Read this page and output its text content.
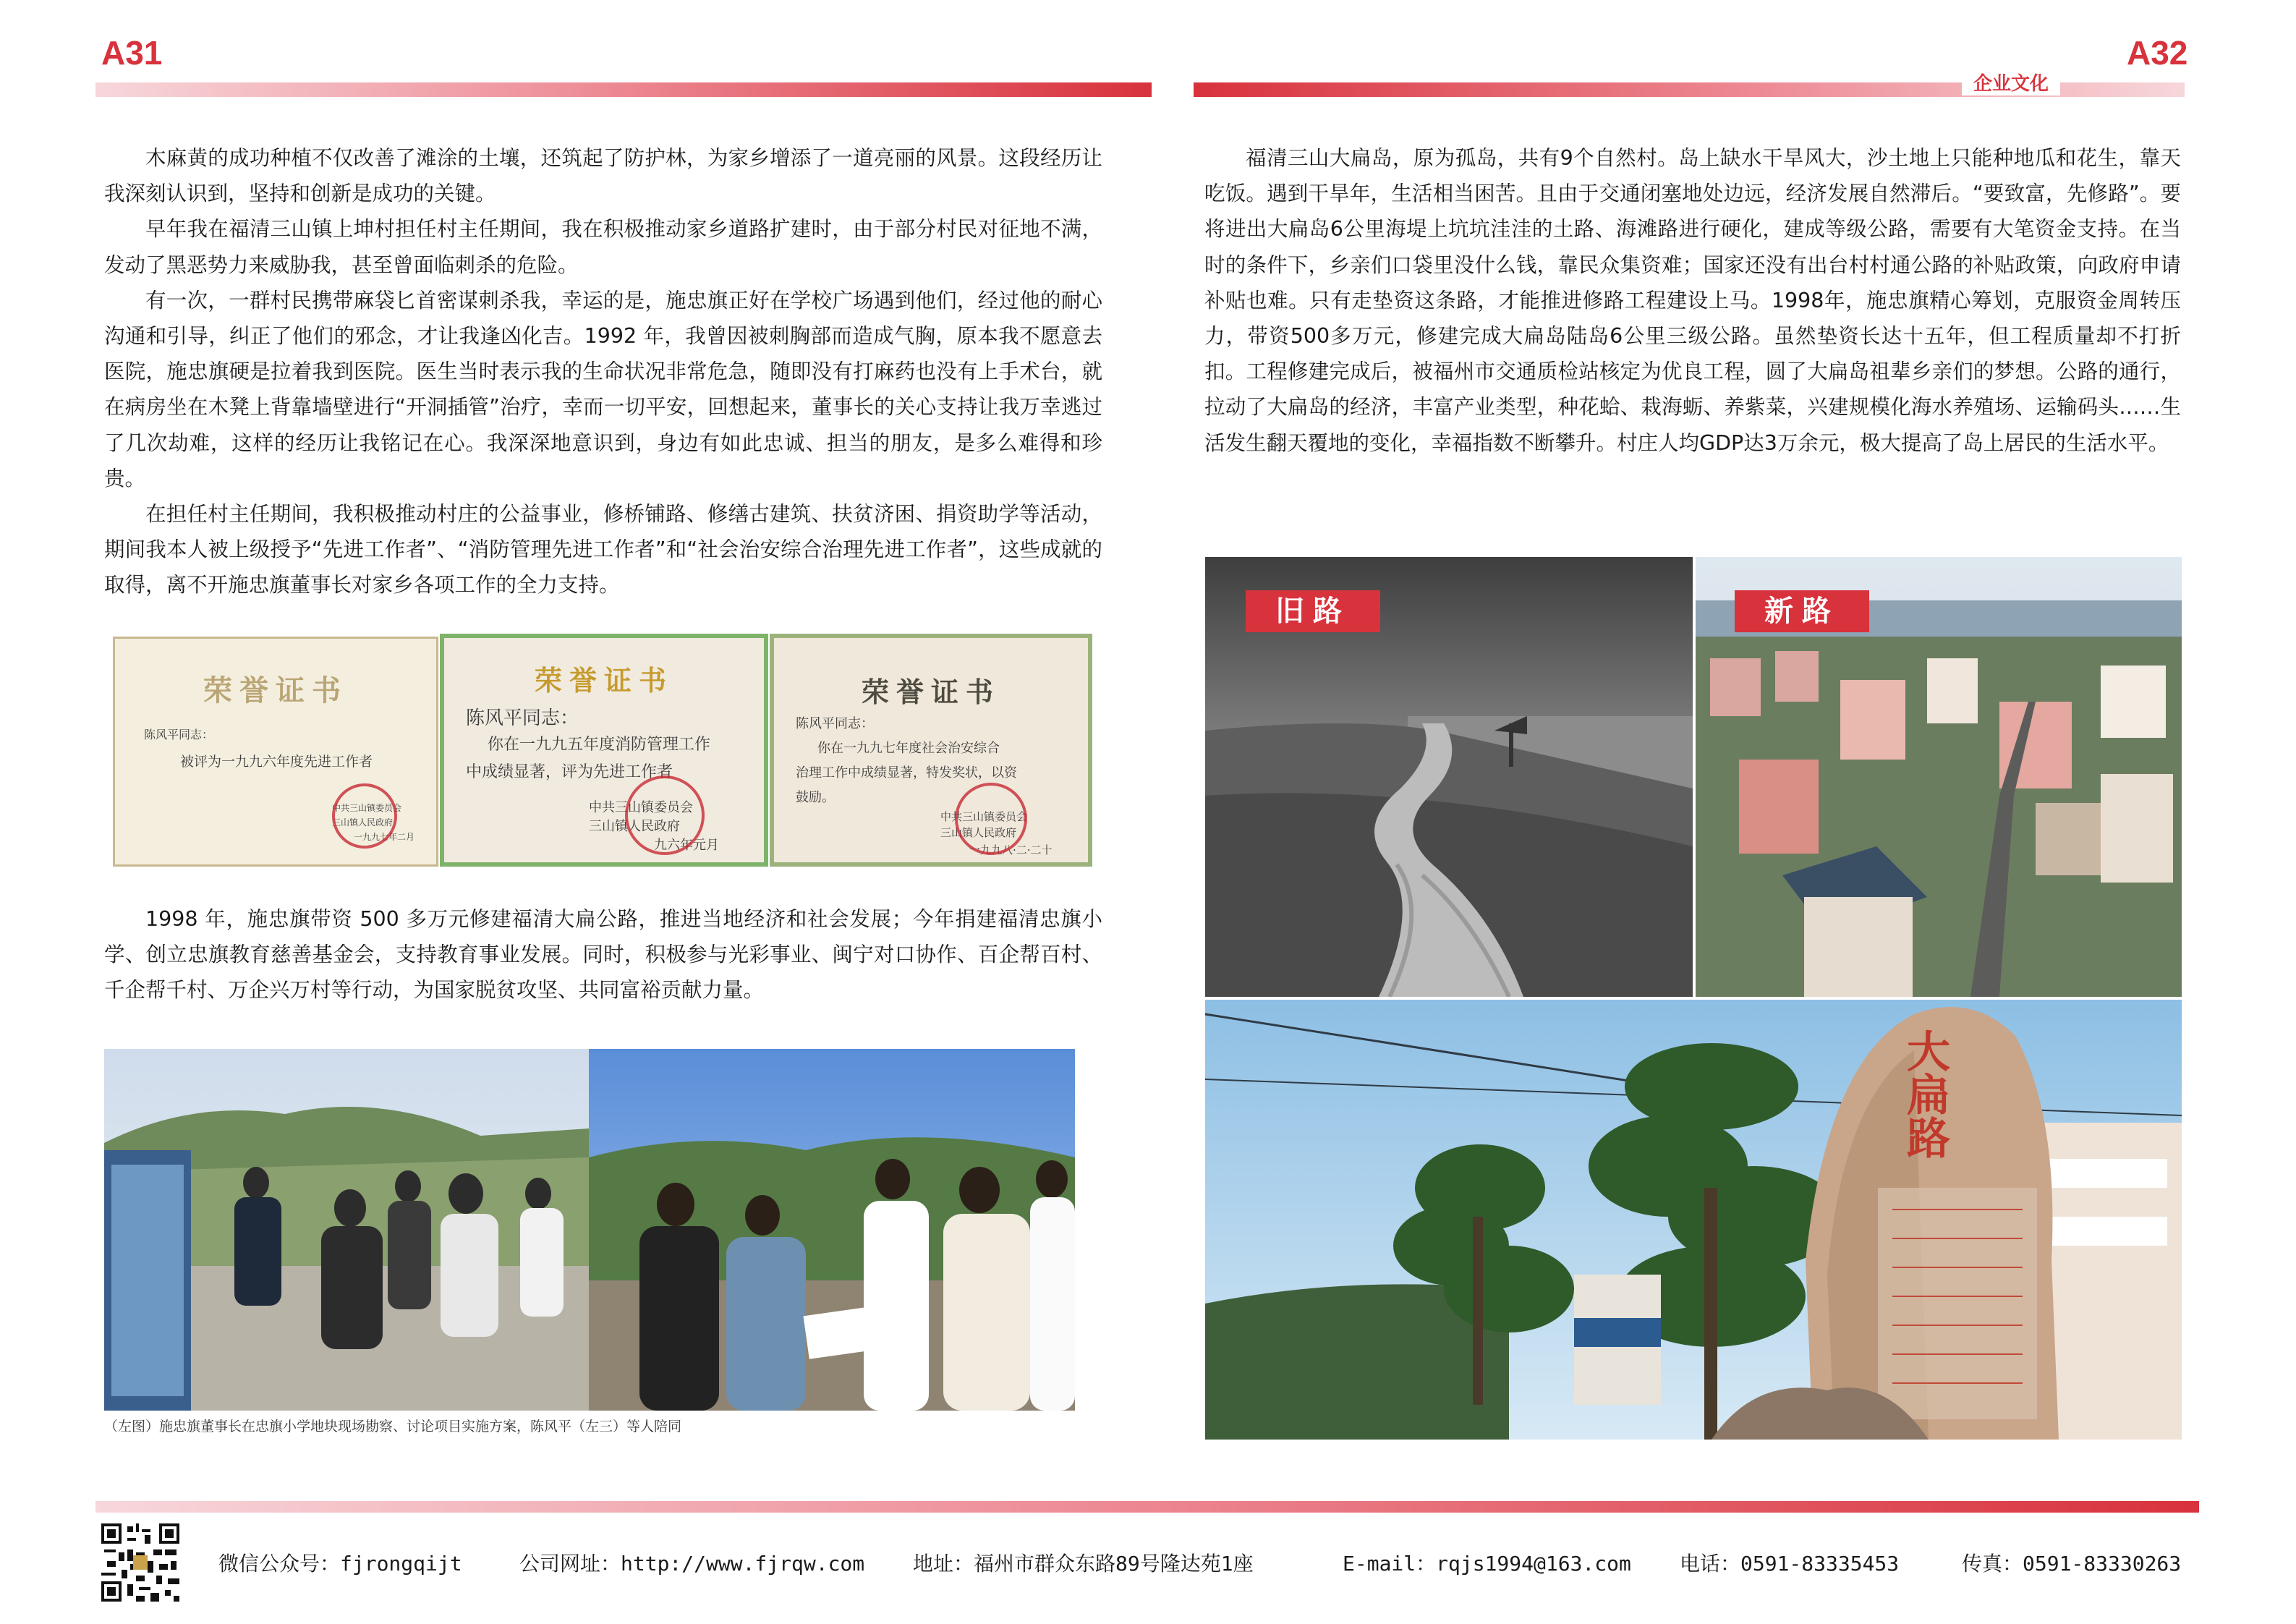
A31	A32
企业文化

木麻黄的成功种植不仅改善了滩涂的土壤，还筑起了防护林，为家乡增添了一道亮丽的风景。这段经历让我深刻认识到，坚持和创新是成功的关键。

早年我在福清三山镇上坤村担任村主任期间，我在积极推动家乡道路扩建时，由于部分村民对征地不满，发动了黑恶势力来威胁我，甚至曾面临刺杀的危险。

有一次，一群村民携带麻袋匕首密谋刺杀我，幸运的是，施忠旗正好在学校广场遇到他们，经过他的耐心沟通和引导，纠正了他们的邪念，才让我逢凶化吉。1992 年，我曾因被刺胸部而造成气胸，原本我不愿意去医院，施忠旗硬是拉着我到医院。医生当时表示我的生命状况非常危急，随即没有打麻药也没有上手术台，就在病房坐在木凳上背靠墙壁进行“开洞插管”治疗，幸而一切平安，回想起来，董事长的关心支持让我万幸逃过了几次劫难，这样的经历让我铭记在心。我深深地意识到，身边有如此忠诚、担当的朋友，是多么难得和珍贵。

在担任村主任期间，我积极推动村庄的公益事业，修桥铺路、修缮古建筑、扶贫济困、捐资助学等活动，期间我本人被上级授予“先进工作者”、“消防管理先进工作者”和“社会治安综合治理先进工作者”，这些成就的取得，离不开施忠旗董事长对家乡各项工作的全力支持。

荣誉证书
陈风平同志：
被评为一九九六年度先进工作者
中共三山镇委员会
三山镇人民政府
一九九七年二月
荣誉证书
陈风平同志：
你在一九九五年度消防管理工作
中成绩显著，评为先进工作者
中共三山镇委员会
三山镇人民政府
九六年元月
荣誉证书
陈风平同志：
你在一九九七年度社会治安综合
治理工作中成绩显著，特发奖状，以资
鼓励。
中共三山镇委员会
三山镇人民政府
一九九八·二·二十

1998 年，施忠旗带资 500 多万元修建福清大扁公路，推进当地经济和社会发展；今年捐建福清忠旗小学、创立忠旗教育慈善基金会，支持教育事业发展。同时，积极参与光彩事业、闽宁对口协作、百企帮百村、千企帮千村、万企兴万村等行动，为国家脱贫攻坚、共同富裕贡献力量。

（左图）施忠旗董事长在忠旗小学地块现场勘察、讨论项目实施方案，陈风平（左三）等人陪同

福清三山大扁岛，原为孤岛，共有9个自然村。岛上缺水干旱风大，沙土地上只能种地瓜和花生，靠天吃饭。遇到干旱年，生活相当困苦。且由于交通闭塞地处边远，经济发展自然滞后。“要致富，先修路”。要将进出大扁岛6公里海堤上坑坑洼洼的土路、海滩路进行硬化，建成等级公路，需要有大笔资金支持。在当时的条件下，乡亲们口袋里没什么钱，靠民众集资难；国家还没有出台村村通公路的补贴政策，向政府申请补贴也难。只有走垫资这条路，才能推进修路工程建设上马。1998年，施忠旗精心筹划，克服资金周转压力，带资500多万元，修建完成大扁岛陆岛6公里三级公路。虽然垫资长达十五年，但工程质量却不打折扣。工程修建完成后，被福州市交通质检站核定为优良工程，圆了大扁岛祖辈乡亲们的梦想。公路的通行，拉动了大扁岛的经济，丰富产业类型，种花蛤、栽海蛎、养紫菜，兴建规模化海水养殖场、运输码头……生活发生翻天覆地的变化，幸福指数不断攀升。村庄人均GDP达3万余元，极大提高了岛上居民的生活水平。

旧路	新路
大扁路
微信公众号：fjrongqijt	公司网址：http://www.fjrqw.com 地址：福州市群众东路89号隆达苑1座	E-mail：rqjs1994@163.com 电话：0591-83335453	传真：0591-83330263
